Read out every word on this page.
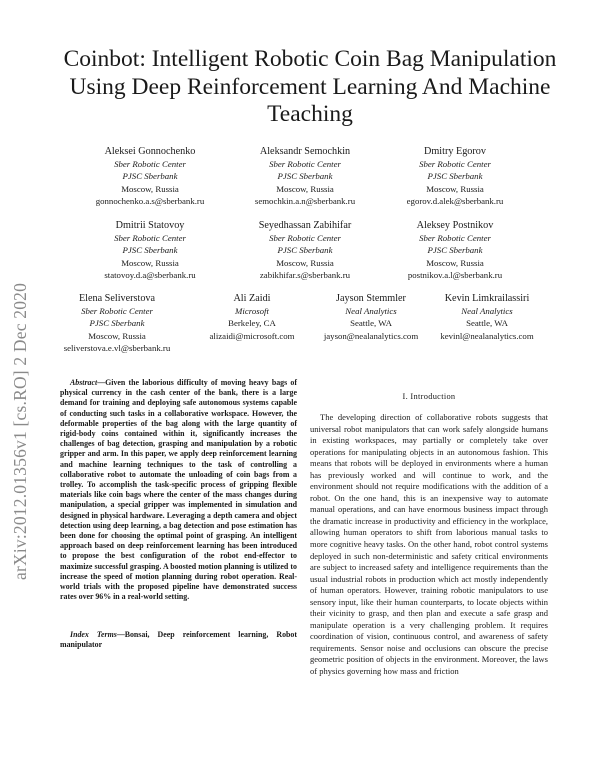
Coinbot: Intelligent Robotic Coin Bag Manipulation Using Deep Reinforcement Learning And Machine Teaching
arXiv:2012.01356v1 [cs.RO] 2 Dec 2020
Aleksei Gonnochenko
Sber Robotic Center
PJSC Sberbank
Moscow, Russia
gonnochenko.a.s@sberbank.ru
Aleksandr Semochkin
Sber Robotic Center
PJSC Sberbank
Moscow, Russia
semochkin.a.n@sberbank.ru
Dmitry Egorov
Sber Robotic Center
PJSC Sberbank
Moscow, Russia
egorov.d.alek@sberbank.ru
Dmitrii Statovoy
Sber Robotic Center
PJSC Sberbank
Moscow, Russia
statovoy.d.a@sberbank.ru
Seyedhassan Zabihifar
Sber Robotic Center
PJSC Sberbank
Moscow, Russia
zabikhifar.s@sberbank.ru
Aleksey Postnikov
Sber Robotic Center
PJSC Sberbank
Moscow, Russia
postnikov.a.l@sberbank.ru
Elena Seliverstova
Sber Robotic Center
PJSC Sberbank
Moscow, Russia
seliverstova.e.vl@sberbank.ru
Ali Zaidi
Microsoft
Berkeley, CA
alizaidi@microsoft.com
Jayson Stemmler
Neal Analytics
Seattle, WA
jayson@nealanalytics.com
Kevin Limkrailassiri
Neal Analytics
Seattle, WA
kevinl@nealanalytics.com
Abstract—Given the laborious difficulty of moving heavy bags of physical currency in the cash center of the bank, there is a large demand for training and deploying safe autonomous systems capable of conducting such tasks in a collaborative workspace. However, the deformable properties of the bag along with the large quantity of rigid-body coins contained within it, significantly increases the challenges of bag detection, grasping and manipulation by a robotic gripper and arm. In this paper, we apply deep reinforcement learning and machine learning techniques to the task of controlling a collaborative robot to automate the unloading of coin bags from a trolley. To accomplish the task-specific process of gripping flexible materials like coin bags where the center of the mass changes during manipulation, a special gripper was implemented in simulation and designed in physical hardware. Leveraging a depth camera and object detection using deep learning, a bag detection and pose estimation has been done for choosing the optimal point of grasping. An intelligent approach based on deep reinforcement learning has been introduced to propose the best configuration of the robot end-effector to maximize successful grasping. A boosted motion planning is utilized to increase the speed of motion planning during robot operation. Real-world trials with the proposed pipeline have demonstrated success rates over 96% in a real-world setting.
Index Terms—Bonsai, Deep reinforcement learning, Robot manipulator
I. Introduction
The developing direction of collaborative robots suggests that universal robot manipulators that can work safely alongside humans in existing workspaces, may partially or completely take over operations for manipulating objects in an autonomous fashion. This means that robots will be deployed in environments where a human has previously worked and will continue to work, and the environment should not require modifications with the addition of a robot. On the one hand, this is an inexpensive way to automate manual operations, and can have enormous business impact through the dramatic increase in productivity and efficiency in the workplace, allowing human operators to shift from laborious manual tasks to more cognitive heavy tasks. On the other hand, robot control systems deployed in such non-deterministic and safety critical environments are subject to increased safety and intelligence requirements than the usual industrial robots in production which act mostly independently of human operators. However, training robotic manipulators to use sensory input, like their human counterparts, to locate objects within their vicinity to grasp, and then plan and execute a safe grasp and manipulate operation is a very challenging problem. It requires coordination of vision, continuous control, and awareness of safety requirements. Sensor noise and occlusions can obscure the precise geometric position of objects in the environment. Moreover, the laws of physics governing how mass and friction
